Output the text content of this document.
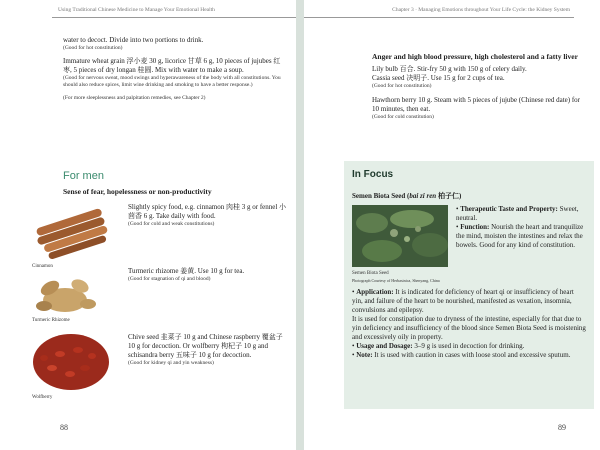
Using Traditional Chinese Medicine to Manage Your Emotional Health

water to decoct. Divide into two portions to drink.

(Good for hot constitution)

Immature wheat grain 浮小麦 30 g, licorice 甘草 6 g, 10 pieces of jujubes 红枣, 5 pieces of dry longan 桂圆. Mix with water to make a soup.

(Good for nervous sweat, mood swings and hyperawareness of the body with all constitutions. You should also reduce spices, limit wine drinking and smoking to have a better response.)

(For more sleeplessness and palpitation remedies, see Chapter 2)

For men
Sense of fear, hopelessness or non-productivity
Cinnamon

Slightly spicy food, e.g. cinnamon 肉桂 3 g or fennel 小茴香 6 g. Take daily with food.

(Good for cold and weak constitutions)

Turmeric Rhizome

Turmeric rhizome 姜黄. Use 10 g for tea.

(Good for stagnation of qi and blood)

Wolfberry

Chive seed 韭菜子 10 g and Chinese raspberry 覆盆子 10 g for decoction. Or wolfberry 枸杞子 10 g and schisandra berry 五味子 10 g for decoction.

(Good for kidney qi and yin weakness)

88
Chapter 3 · Managing Emotions throughout Your Life Cycle: the Kidney System

Anger and high blood pressure, high cholesterol and a fatty liver

Lily bulb 百合. Stir-fry 50 g with 150 g of celery daily.

Cassia seed 决明子. Use 15 g for 2 cups of tea.

(Good for hot constitution)

Hawthorn berry 10 g. Steam with 5 pieces of jujube (Chinese red date) for 10 minutes, then eat.

(Good for cold constitution)

In Focus
Semen Biota Seed (bai zi ren 柏子仁)
Semen Biota Seed
Photograph Courtesy of Herbasinica, Shenyang, China

• Therapeutic Taste and Property: Sweet, neutral.

• Function: Nourish the heart and tranquilize the mind, moisten the intestines and relax the bowels. Good for any kind of constitution.

• Application: It is indicated for deficiency of heart qi or insufficiency of heart yin, and failure of the heart to be nourished, manifested as vexation, insomnia, convulsions and epilepsy.

It is used for constipation due to dryness of the intestine, especially for that due to yin deficiency and insufficiency of the blood since Semen Biota Seed is moistening and excessively oily in property.

• Usage and Dosage: 3–9 g is used in decoction for drinking.

• Note: It is used with caution in cases with loose stool and excessive sputum.

89
